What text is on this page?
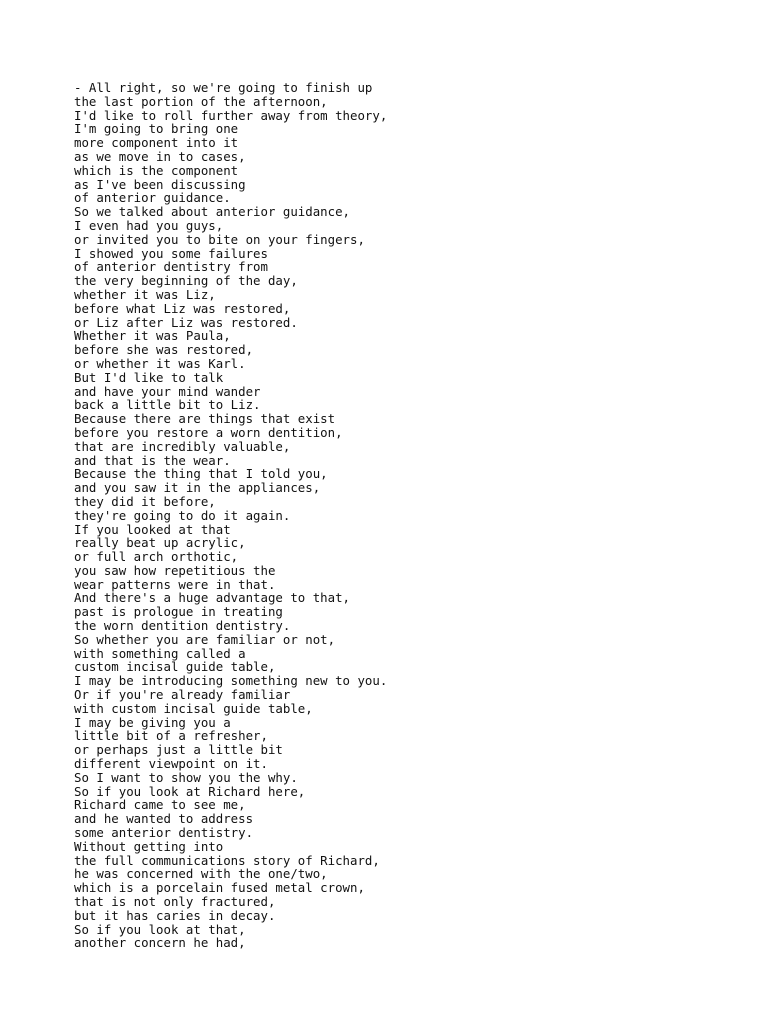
- All right, so we're going to finish up
the last portion of the afternoon,
I'd like to roll further away from theory,
I'm going to bring one
more component into it
as we move in to cases,
which is the component
as I've been discussing
of anterior guidance.
So we talked about anterior guidance,
I even had you guys,
or invited you to bite on your fingers,
I showed you some failures
of anterior dentistry from
the very beginning of the day,
whether it was Liz,
before what Liz was restored,
or Liz after Liz was restored.
Whether it was Paula,
before she was restored,
or whether it was Karl.
But I'd like to talk
and have your mind wander
back a little bit to Liz.
Because there are things that exist
before you restore a worn dentition,
that are incredibly valuable,
and that is the wear.
Because the thing that I told you,
and you saw it in the appliances,
they did it before,
they're going to do it again.
If you looked at that
really beat up acrylic,
or full arch orthotic,
you saw how repetitious the
wear patterns were in that.
And there's a huge advantage to that,
past is prologue in treating
the worn dentition dentistry.
So whether you are familiar or not,
with something called a
custom incisal guide table,
I may be introducing something new to you.
Or if you're already familiar
with custom incisal guide table,
I may be giving you a
little bit of a refresher,
or perhaps just a little bit
different viewpoint on it.
So I want to show you the why.
So if you look at Richard here,
Richard came to see me,
and he wanted to address
some anterior dentistry.
Without getting into
the full communications story of Richard,
he was concerned with the one/two,
which is a porcelain fused metal crown,
that is not only fractured,
but it has caries in decay.
So if you look at that,
another concern he had,
